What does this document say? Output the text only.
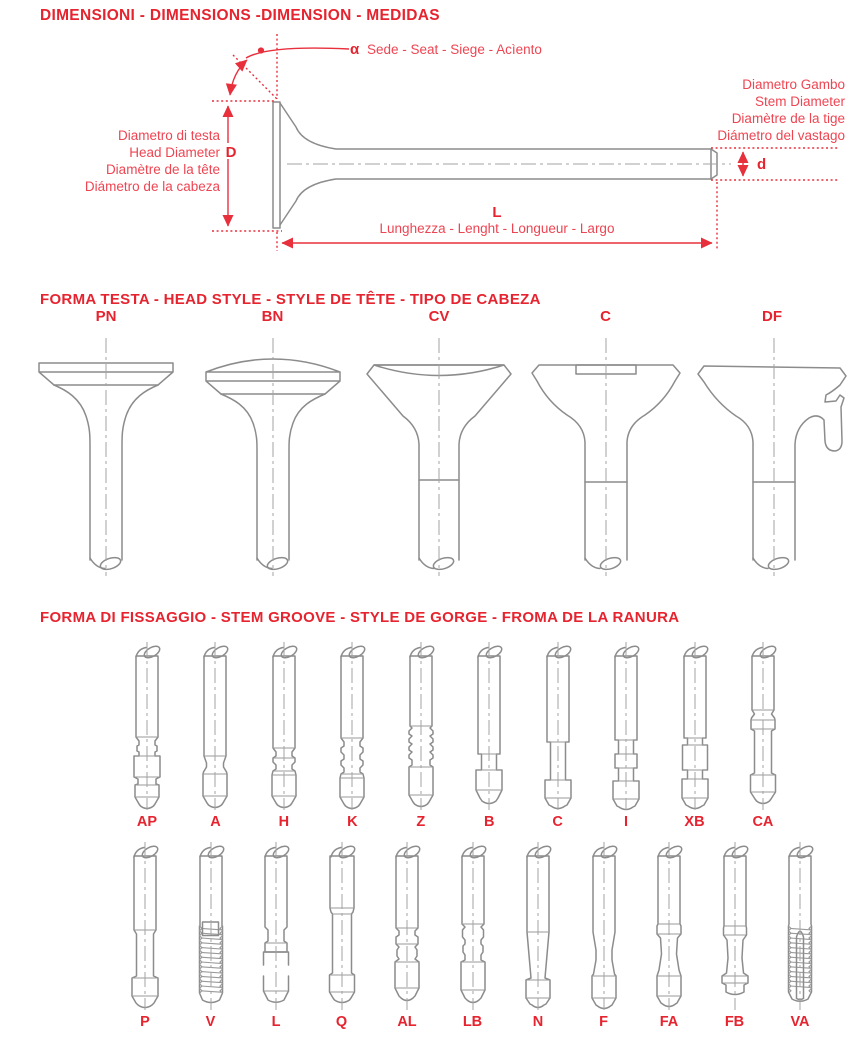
DIMENSIONI - DIMENSIONS -DIMENSION - MEDIDAS
D
d
L
α Sede - Seat - Siege - Acìento
Lunghezza - Lenght - Longueur - Largo
Diametro di testa
Head Diameter
Diamètre de la tête
Diámetro de la cabeza
Diametro Gambo
Stem Diameter
Diamètre de la tige
Diámetro del vastago
FORMA TESTA - HEAD STYLE - STYLE DE TÊTE - TIPO DE CABEZA
PN	BN	CV	C	DF
FORMA DI FISSAGGIO - STEM GROOVE - STYLE DE GORGE - FROMA DE LA RANURA
AP	A	H	K	Z	B	C	I	XB	CA
P	V	L	Q	AL	LB	N	F	FA	FB	VA
